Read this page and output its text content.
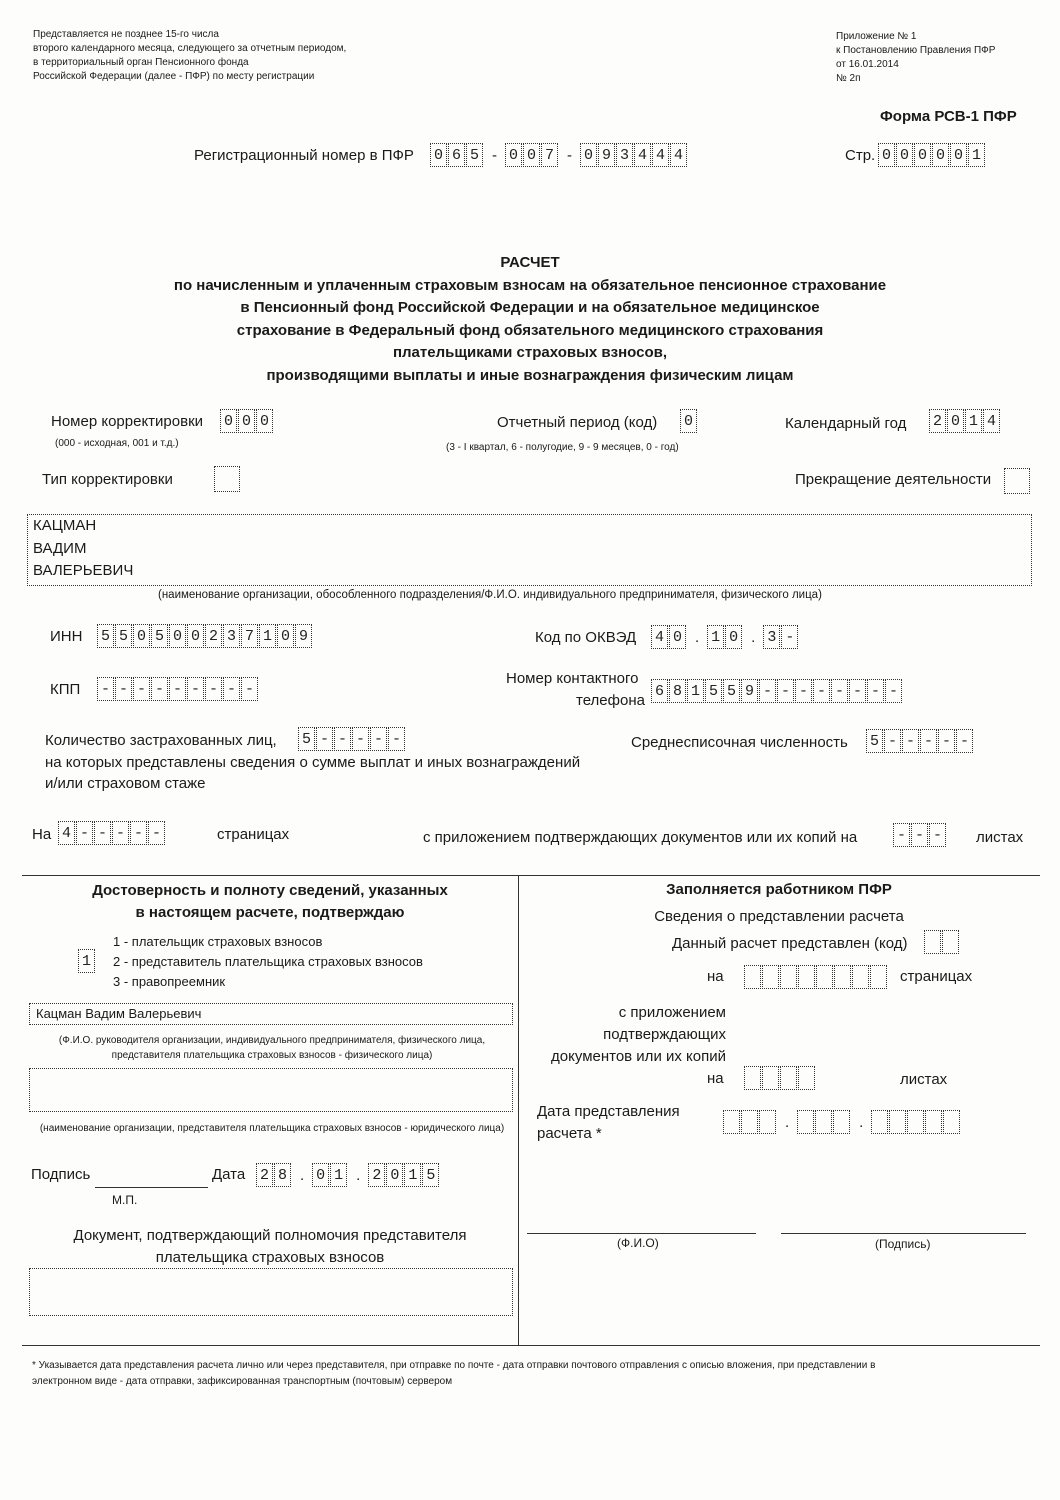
Представляется не позднее 15-го числа
второго календарного месяца, следующего за отчетным периодом,
в территориальный орган Пенсионного фонда
Российской Федерации (далее - ПФР) по месту регистрации
Приложение № 1
к Постановлению Правления ПФР
от 16.01.2014
№ 2п
Форма РСВ-1 ПФР
Регистрационный номер в ПФР 0 6 5 - 0 0 7 - 0 9 3 4 4 4	Стр. 0 0 0 0 0 1
РАСЧЕТ
по начисленным и уплаченным страховым взносам на обязательное пенсионное страхование
в Пенсионный фонд Российской Федерации и на обязательное медицинское
страхование в Федеральный фонд обязательного медицинского страхования
плательщиками страховых взносов,
производящими выплаты и иные вознаграждения физическим лицам
Номер корректировки 0 0 0
(000 - исходная, 001 и т.д.)
Отчетный период (код) 0
(3 - I квартал, 6 - полугодие, 9 - 9 месяцев, 0 - год)
Календарный год 2 0 1 4
Тип корректировки	Прекращение деятельности
КАЦМАН
ВАДИМ
ВАЛЕРЬЕВИЧ
(наименование организации, обособленного подразделения/Ф.И.О. индивидуального предпринимателя, физического лица)
ИНН 5 5 0 5 0 0 2 3 7 1 0 9	Код по ОКВЭД 4 0 . 1 0 . 3 -
КПП - - - - - - - - -
Номер контактного
телефона
6 8 1 5 5 9 - - - - - - - -
Количество застрахованных лиц, 5 - - - - -
на которых представлены сведения о сумме выплат и иных вознаграждений
и/или страховом стаже
Среднесписочная численность 5 - - - - -
На 4 - - - - -	страницах	с приложением подтверждающих документов или их копий на	- - - листах
Достоверность и полноту сведений, указанных
в настоящем расчете, подтверждаю
1 - плательщик страховых взносов
2 - представитель плательщика страховых взносов
3 - правопреемник
1
Кацман Вадим Валерьевич
(Ф.И.О. руководителя организации, индивидуального предпринимателя, физического лица, представителя плательщика страховых взносов - физического лица)
(наименование организации, представителя плательщика страховых взносов - юридического лица)
Подпись
М.П.
Дата 2 8 . 0 1 . 2 0 1 5
Документ, подтверждающий полномочия представителя
плательщика страховых взносов
Заполняется работником ПФР
Сведения о представлении расчета
Данный расчет представлен (код)
на	страницах
с приложением
подтверждающих
документов или их копий
на	листах
Дата представления
расчета *
.	.
(Ф.И.О)	(Подпись)
* Указывается дата представления расчета лично или через представителя, при отправке по почте - дата отправки почтового отправления с описью вложения, при представлении в
электронном виде - дата отправки, зафиксированная транспортным (почтовым) сервером
